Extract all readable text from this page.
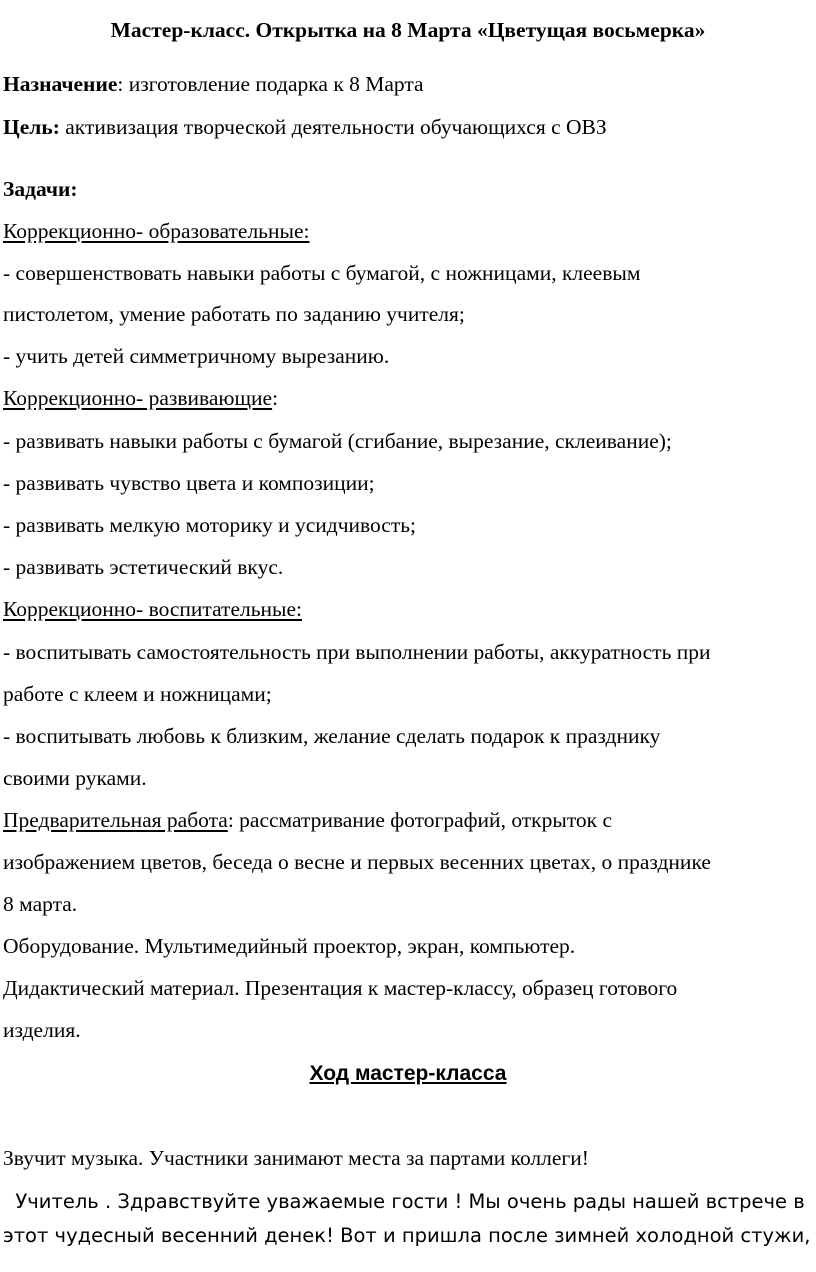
Мастер-класс. Открытка на 8 Марта «Цветущая восьмерка»
Назначение: изготовление подарка к 8 Марта
Цель: активизация творческой деятельности обучающихся с ОВЗ
Задачи:
Коррекционно- образовательные:
- совершенствовать навыки работы с бумагой, с ножницами, клеевым
пистолетом, умение работать по заданию учителя;
- учить детей симметричному вырезанию.
Коррекционно- развивающие:
- развивать навыки работы с бумагой (сгибание, вырезание, склеивание);
- развивать чувство цвета и композиции;
- развивать мелкую моторику и усидчивость;
- развивать эстетический вкус.
Коррекционно- воспитательные:
- воспитывать самостоятельность при выполнении работы, аккуратность при
работе с клеем и ножницами;
- воспитывать любовь к близким, желание сделать подарок к празднику
своими руками.
Предварительная работа: рассматривание фотографий, открыток с
изображением цветов, беседа о весне и первых весенних цветах, о празднике
8 марта.
Оборудование. Мультимедийный проектор, экран, компьютер.
Дидактический материал. Презентация к мастер-классу, образец готового
изделия.
Ход мастер-класса
Звучит музыка. Участники занимают места за партами коллеги!
Учитель . Здравствуйте уважаемые гости ! Мы очень рады нашей встрече в
этот чудесный весенний денек! Вот и пришла после зимней холодной стужи,
